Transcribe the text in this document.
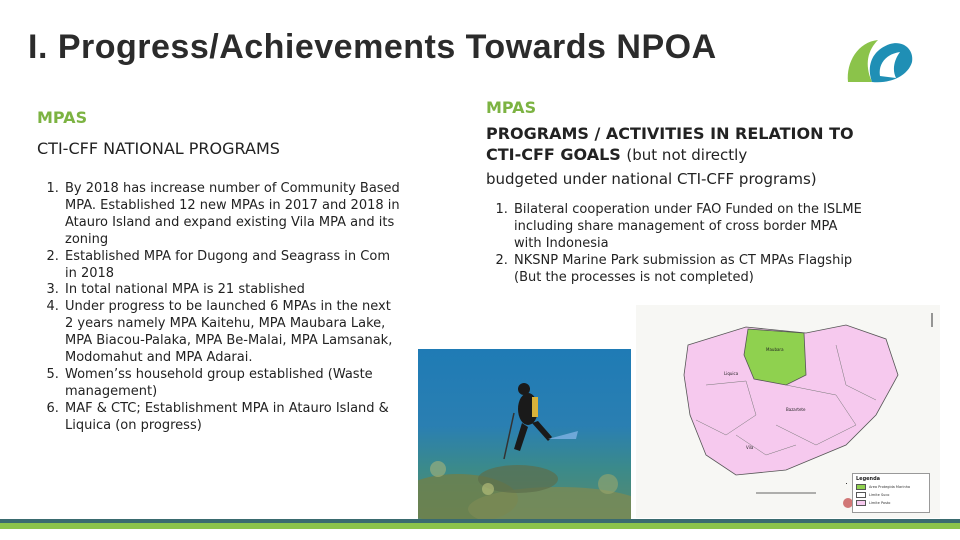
I. Progress/Achievements Towards NPOA

MPAS

CTI-CFF NATIONAL PROGRAMS

1. By 2018 has increase number of Community Based MPA. Established 12 new MPAs in 2017 and 2018 in Atauro Island and expand existing Vila MPA and its zoning
2. Established MPA for Dugong and Seagrass in Com in 2018
3. In total national MPA is 21 stablished
4. Under progress to be launched 6 MPAs in the next 2 years namely MPA Kaitehu, MPA Maubara Lake, MPA Biacou-Palaka, MPA Be-Malai, MPA Lamsanak, Modomahut and MPA Adarai.
5. Women’ss household group established (Waste management)
6. MAF & CTC; Establishment MPA in Atauro Island & Liquica (on progress)

MPAS

PROGRAMS / ACTIVITIES IN RELATION TO CTI-CFF GOALS (but not directly

budgeted under national CTI-CFF programs)

1. Bilateral cooperation under FAO Funded on the ISLME including share management of cross border MPA with Indonesia
2. NKSNP Marine Park submission as CT MPAs Flagship (But the processes is not completed)
Maubara
Liquica
Bazartete
Vila
Legenda
Area Protegida Marinha
Limite Suco
Limite Posto
